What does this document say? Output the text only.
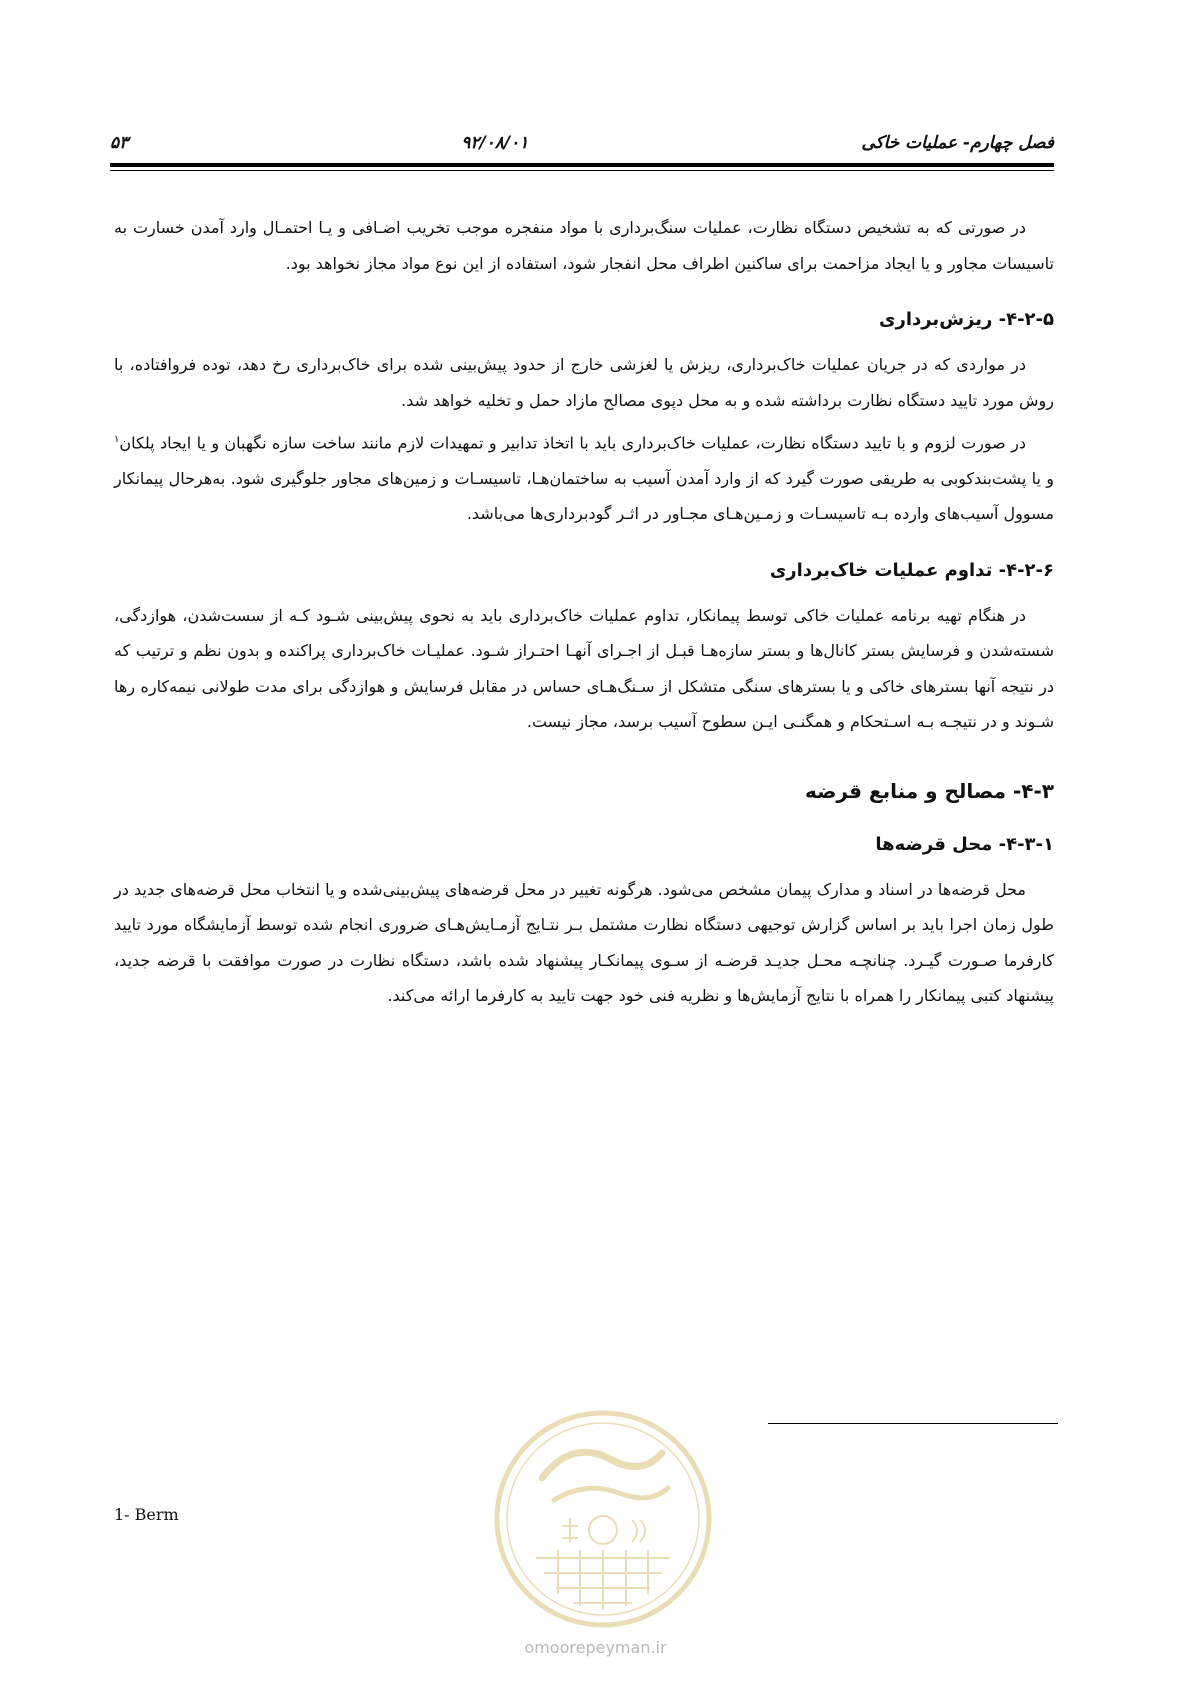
فصل چهارم- عملیات خاکی
۹۲/۰۸/۰۱
۵۳

در صورتی که به تشخیص دستگاه نظارت، عملیات سنگ‌برداری با مواد منفجره موجب تخریب اضـافی و یـا احتمـال وارد آمدن خسارت به تاسیسات مجاور و یا ایجاد مزاحمت برای ساکنین اطراف محل انفجار شود، استفاده از این نوع مواد مجاز نخواهد بود.

۴-۲-۵- ریزش‌برداری

در مواردی که در جریان عملیات خاک‌برداری، ریزش یا لغزشی خارج از حدود پیش‌بینی شده برای خاک‌برداری رخ دهد، توده فروافتاده، با روش مورد تایید دستگاه نظارت برداشته شده و به محل دپوی مصالح مازاد حمل و تخلیه خواهد شد.

در صورت لزوم و با تایید دستگاه نظارت، عملیات خاک‌برداری باید با اتخاذ تدابیر و تمهیدات لازم مانند ساخت سازه نگهبان و یا ایجاد پلکان$^۱$ و یا پشت‌بندکوبی به طریقی صورت گیرد که از وارد آمدن آسیب به ساختمان‌هـا، تاسیسـات و زمین‌های مجاور جلوگیری شود. به‌هرحال پیمانکار مسوول آسیب‌های وارده بـه تاسیسـات و زمـین‌هـای مجـاور در اثـر گودبرداری‌ها می‌باشد.

۴-۲-۶- تداوم عملیات خاک‌برداری

در هنگام تهیه برنامه عملیات خاکی توسط پیمانکار، تداوم عملیات خاک‌برداری باید به نحوی پیش‌بینی شـود کـه از سست‌شدن، هوازدگی، شسته‌شدن و فرسایش بستر کانال‌ها و بستر سازه‌هـا قبـل از اجـرای آنهـا احتـراز شـود. عملیـات خاک‌برداری پراکنده و بدون نظم و ترتیب که در نتیجه آنها بسترهای خاکی و یا بسترهای سنگی متشکل از سـنگ‌هـای حساس در مقابل فرسایش و هوازدگی برای مدت طولانی نیمه‌کاره رها شـوند و در نتیجـه بـه اسـتحکام و همگنـی ایـن سطوح آسیب برسد، مجاز نیست.

۴-۳- مصالح و منابع قرضه
۴-۳-۱- محل قرضه‌ها

محل قرضه‌ها در اسناد و مدارک پیمان مشخص می‌شود. هرگونه تغییر در محل قرضه‌های پیش‌بینی‌شده و یا انتخاب محل قرضه‌های جدید در طول زمان اجرا باید بر اساس گزارش توجیهی دستگاه نظارت مشتمل بـر نتـایج آزمـایش‌هـای ضروری انجام شده توسط آزمایشگاه مورد تایید کارفرما صـورت گیـرد. چنانچـه محـل جدیـد قرضـه از سـوی پیمانکـار پیشنهاد شده باشد، دستگاه نظارت در صورت موافقت با قرضه جدید، پیشنهاد کتبی پیمانکار را همراه با نتایج آزمایش‌ها و نظریه فنی خود جهت تایید به کارفرما ارائه می‌کند.

1- Berm
omoorepeyman.ir
